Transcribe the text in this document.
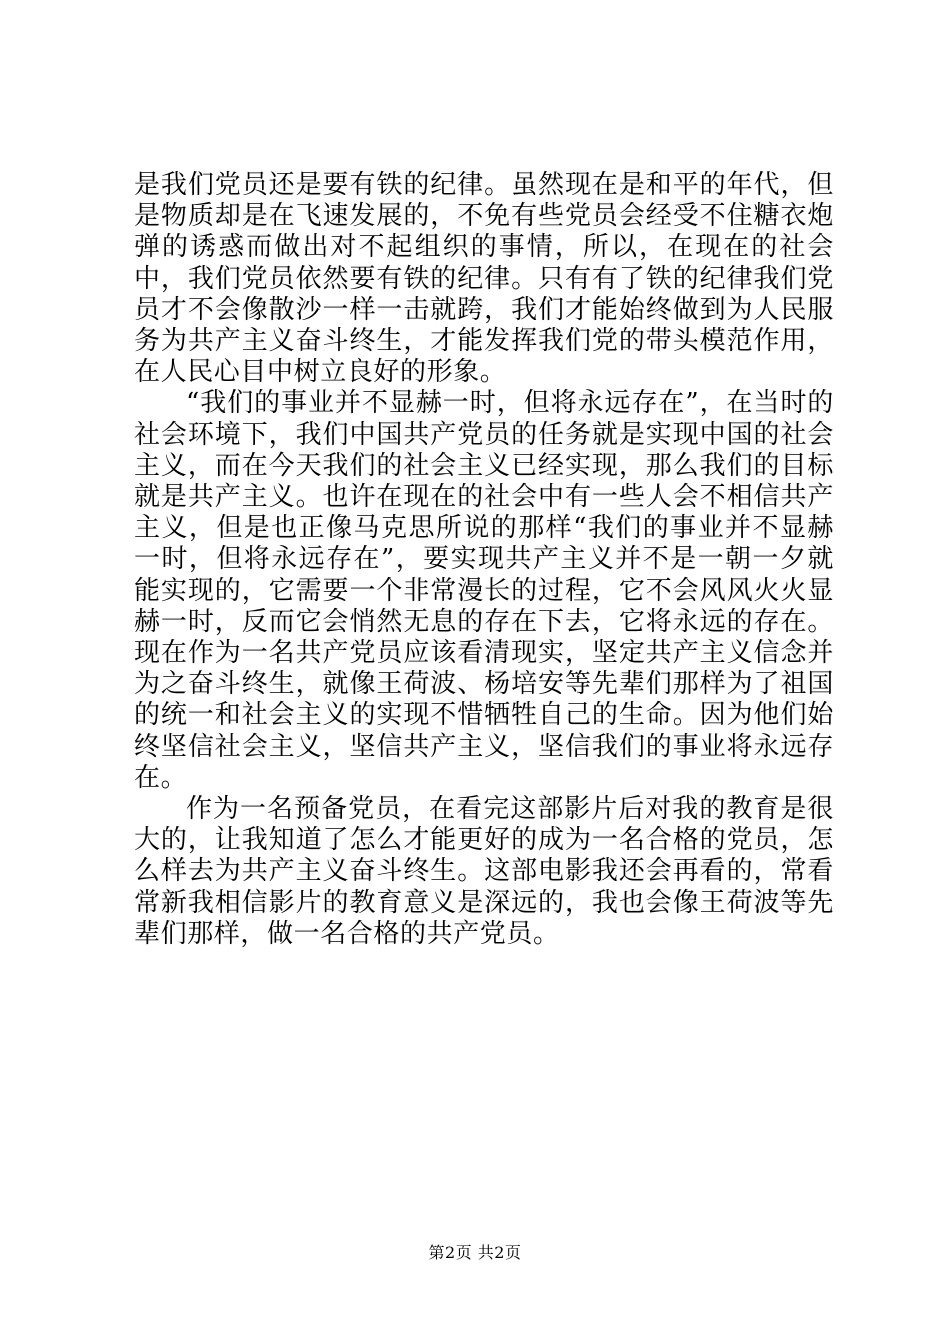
是我们党员还是要有铁的纪律。虽然现在是和平的年代，但是物质却是在飞速发展的，不免有些党员会经受不住糖衣炮弹的诱惑而做出对不起组织的事情，所以，在现在的社会中，我们党员依然要有铁的纪律。只有有了铁的纪律我们党员才不会像散沙一样一击就跨，我们才能始终做到为人民服务为共产主义奋斗终生，才能发挥我们党的带头模范作用，在人民心目中树立良好的形象。

“我们的事业并不显赫一时，但将永远存在”，在当时的社会环境下，我们中国共产党员的任务就是实现中国的社会主义，而在今天我们的社会主义已经实现，那么我们的目标就是共产主义。也许在现在的社会中有一些人会不相信共产主义，但是也正像马克思所说的那样“我们的事业并不显赫一时，但将永远存在”，要实现共产主义并不是一朝一夕就能实现的，它需要一个非常漫长的过程，它不会风风火火显赫一时，反而它会悄然无息的存在下去，它将永远的存在。现在作为一名共产党员应该看清现实，坚定共产主义信念并为之奋斗终生，就像王荷波、杨培安等先辈们那样为了祖国的统一和社会主义的实现不惜牺牲自己的生命。因为他们始终坚信社会主义，坚信共产主义，坚信我们的事业将永远存在。

作为一名预备党员，在看完这部影片后对我的教育是很大的，让我知道了怎么才能更好的成为一名合格的党员，怎么样去为共产主义奋斗终生。这部电影我还会再看的，常看常新我相信影片的教育意义是深远的，我也会像王荷波等先辈们那样，做一名合格的共产党员。

第2页 共2页
